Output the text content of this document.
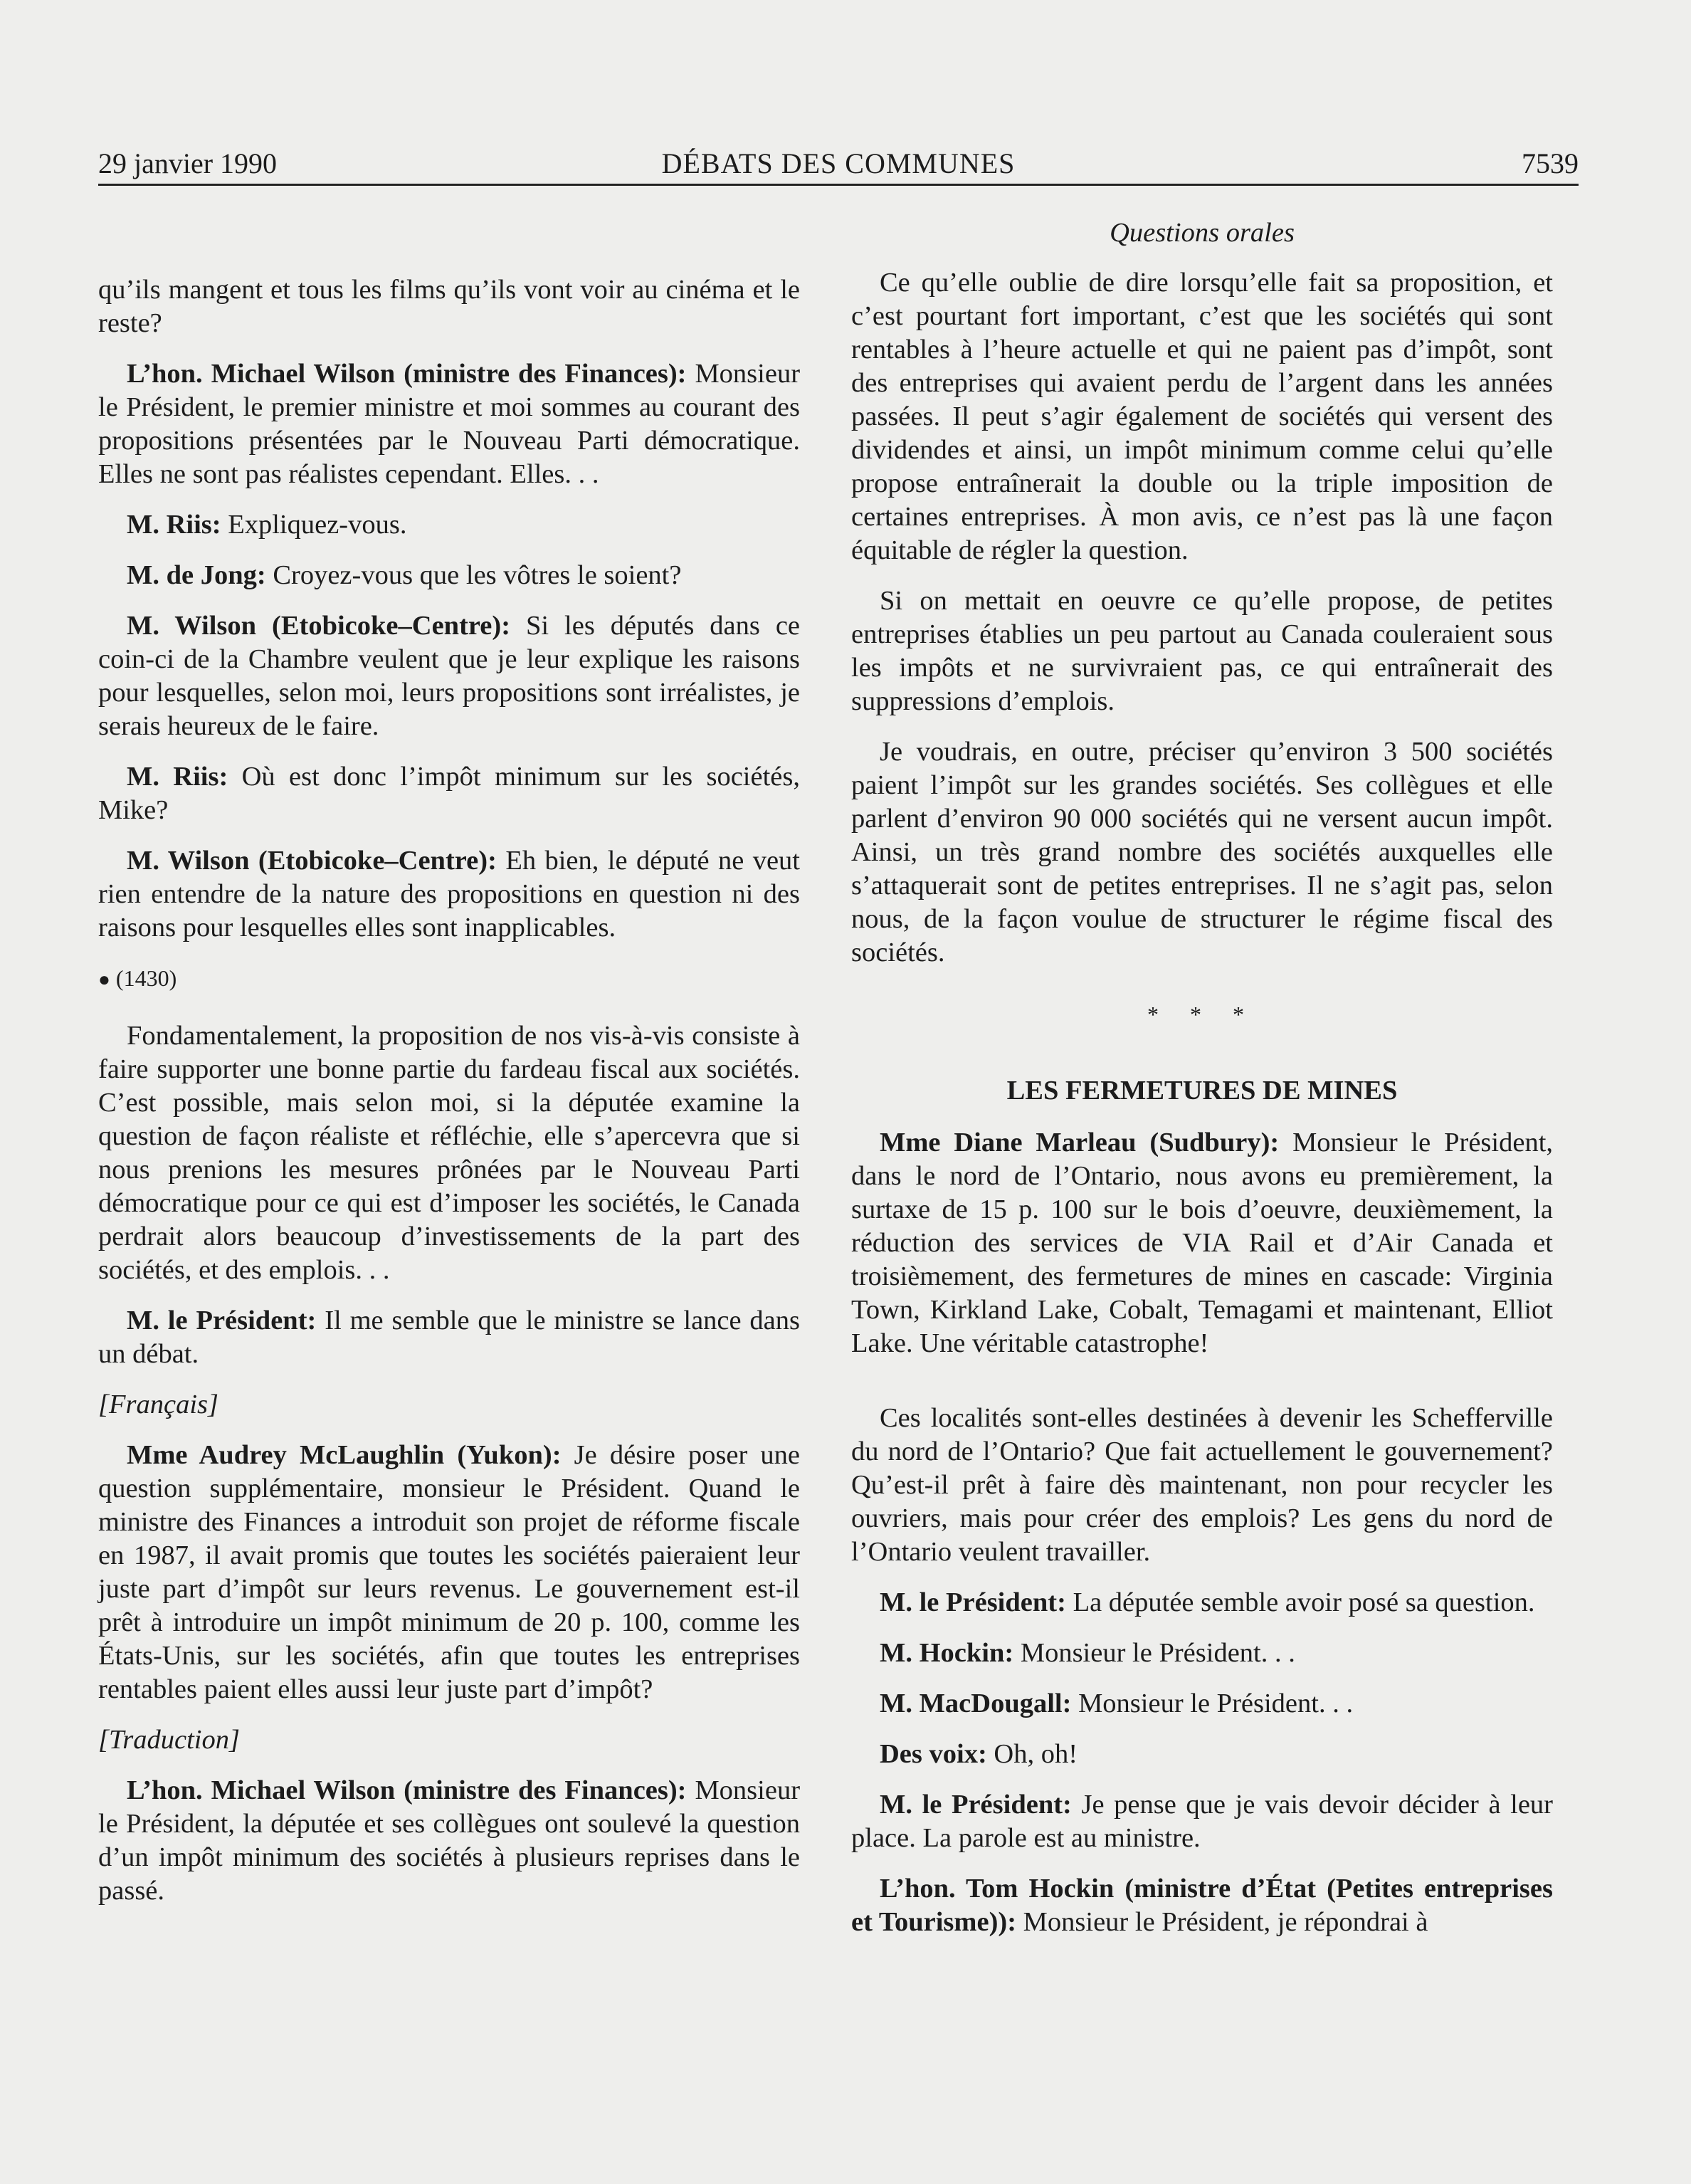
29 janvier 1990	DÉBATS DES COMMUNES	7539

qu’ils mangent et tous les films qu’ils vont voir au cinéma et le reste?

L’hon. Michael Wilson (ministre des Finances): Monsieur le Président, le premier ministre et moi sommes au courant des propositions présentées par le Nouveau Parti démocratique. Elles ne sont pas réalistes cependant. Elles. . .

M. Riis: Expliquez-vous.

M. de Jong: Croyez-vous que les vôtres le soient?

M. Wilson (Etobicoke–Centre): Si les députés dans ce coin-ci de la Chambre veulent que je leur explique les raisons pour lesquelles, selon moi, leurs propositions sont irréalistes, je serais heureux de le faire.

M. Riis: Où est donc l’impôt minimum sur les sociétés, Mike?

M. Wilson (Etobicoke–Centre): Eh bien, le député ne veut rien entendre de la nature des propositions en question ni des raisons pour lesquelles elles sont inapplicables.

● (1430)

Fondamentalement, la proposition de nos vis-à-vis consiste à faire supporter une bonne partie du fardeau fiscal aux sociétés. C’est possible, mais selon moi, si la députée examine la question de façon réaliste et réfléchie, elle s’apercevra que si nous prenions les mesures prônées par le Nouveau Parti démocratique pour ce qui est d’imposer les sociétés, le Canada perdrait alors beaucoup d’investissements de la part des sociétés, et des emplois. . .

M. le Président: Il me semble que le ministre se lance dans un débat.

[Français]

Mme Audrey McLaughlin (Yukon): Je désire poser une question supplémentaire, monsieur le Président. Quand le ministre des Finances a introduit son projet de réforme fiscale en 1987, il avait promis que toutes les sociétés paieraient leur juste part d’impôt sur leurs revenus. Le gouvernement est-il prêt à introduire un impôt minimum de 20 p. 100, comme les États-Unis, sur les sociétés, afin que toutes les entreprises rentables paient elles aussi leur juste part d’impôt?

[Traduction]

L’hon. Michael Wilson (ministre des Finances): Monsieur le Président, la députée et ses collègues ont soulevé la question d’un impôt minimum des sociétés à plusieurs reprises dans le passé.

Questions orales

Ce qu’elle oublie de dire lorsqu’elle fait sa proposition, et c’est pourtant fort important, c’est que les sociétés qui sont rentables à l’heure actuelle et qui ne paient pas d’impôt, sont des entreprises qui avaient perdu de l’argent dans les années passées. Il peut s’agir également de sociétés qui versent des dividendes et ainsi, un impôt minimum comme celui qu’elle propose entraînerait la double ou la triple imposition de certaines entreprises. À mon avis, ce n’est pas là une façon équitable de régler la question.

Si on mettait en oeuvre ce qu’elle propose, de petites entreprises établies un peu partout au Canada couleraient sous les impôts et ne survivraient pas, ce qui entraînerait des suppressions d’emplois.

Je voudrais, en outre, préciser qu’environ 3 500 sociétés paient l’impôt sur les grandes sociétés. Ses collègues et elle parlent d’environ 90 000 sociétés qui ne versent aucun impôt. Ainsi, un très grand nombre des sociétés auxquelles elle s’attaquerait sont de petites entreprises. Il ne s’agit pas, selon nous, de la façon voulue de structurer le régime fiscal des sociétés.

* * *

LES FERMETURES DE MINES

Mme Diane Marleau (Sudbury): Monsieur le Président, dans le nord de l’Ontario, nous avons eu premièrement, la surtaxe de 15 p. 100 sur le bois d’oeuvre, deuxièmement, la réduction des services de VIA Rail et d’Air Canada et troisièmement, des fermetures de mines en cascade: Virginia Town, Kirkland Lake, Cobalt, Temagami et maintenant, Elliot Lake. Une véritable catastrophe!

Ces localités sont-elles destinées à devenir les Schefferville du nord de l’Ontario? Que fait actuellement le gouvernement? Qu’est-il prêt à faire dès maintenant, non pour recycler les ouvriers, mais pour créer des emplois? Les gens du nord de l’Ontario veulent travailler.

M. le Président: La députée semble avoir posé sa question.

M. Hockin: Monsieur le Président. . .

M. MacDougall: Monsieur le Président. . .

Des voix: Oh, oh!

M. le Président: Je pense que je vais devoir décider à leur place. La parole est au ministre.

L’hon. Tom Hockin (ministre d’État (Petites entreprises et Tourisme)): Monsieur le Président, je répondrai à
